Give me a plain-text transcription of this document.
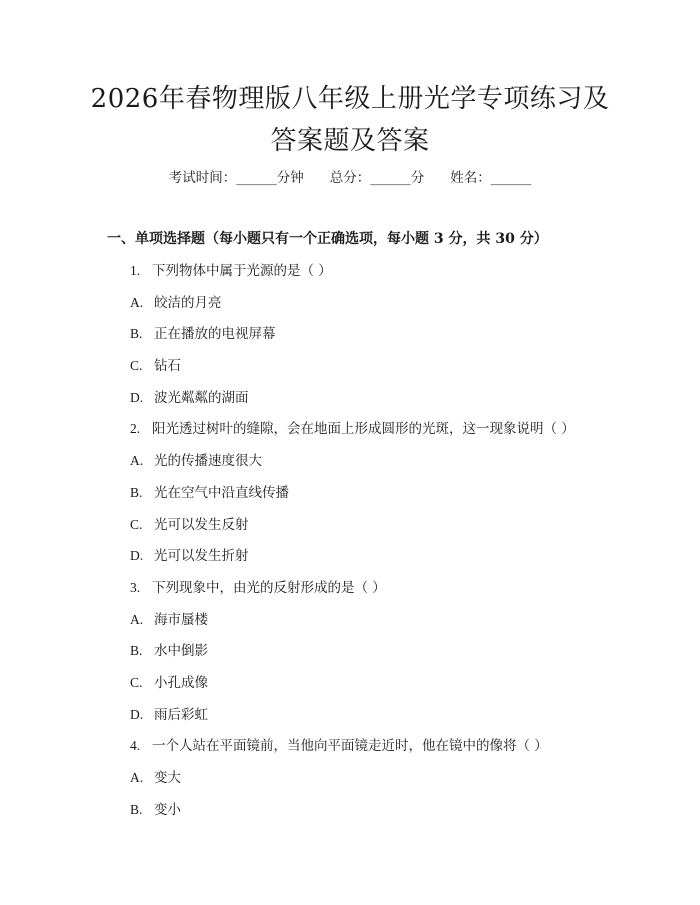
2026年春物理版八年级上册光学专项练习及
答案题及答案
考试时间：______分钟 总分：______分 姓名：______
一、单项选择题（每小题只有一个正确选项，每小题 3 分，共 30 分）
1. 下列物体中属于光源的是（ ）
A. 皎洁的月亮
B. 正在播放的电视屏幕
C. 钻石
D. 波光粼粼的湖面
2. 阳光透过树叶的缝隙，会在地面上形成圆形的光斑，这一现象说明（ ）
A. 光的传播速度很大
B. 光在空气中沿直线传播
C. 光可以发生反射
D. 光可以发生折射
3. 下列现象中，由光的反射形成的是（ ）
A. 海市蜃楼
B. 水中倒影
C. 小孔成像
D. 雨后彩虹
4. 一个人站在平面镜前，当他向平面镜走近时，他在镜中的像将（ ）
A. 变大
B. 变小
